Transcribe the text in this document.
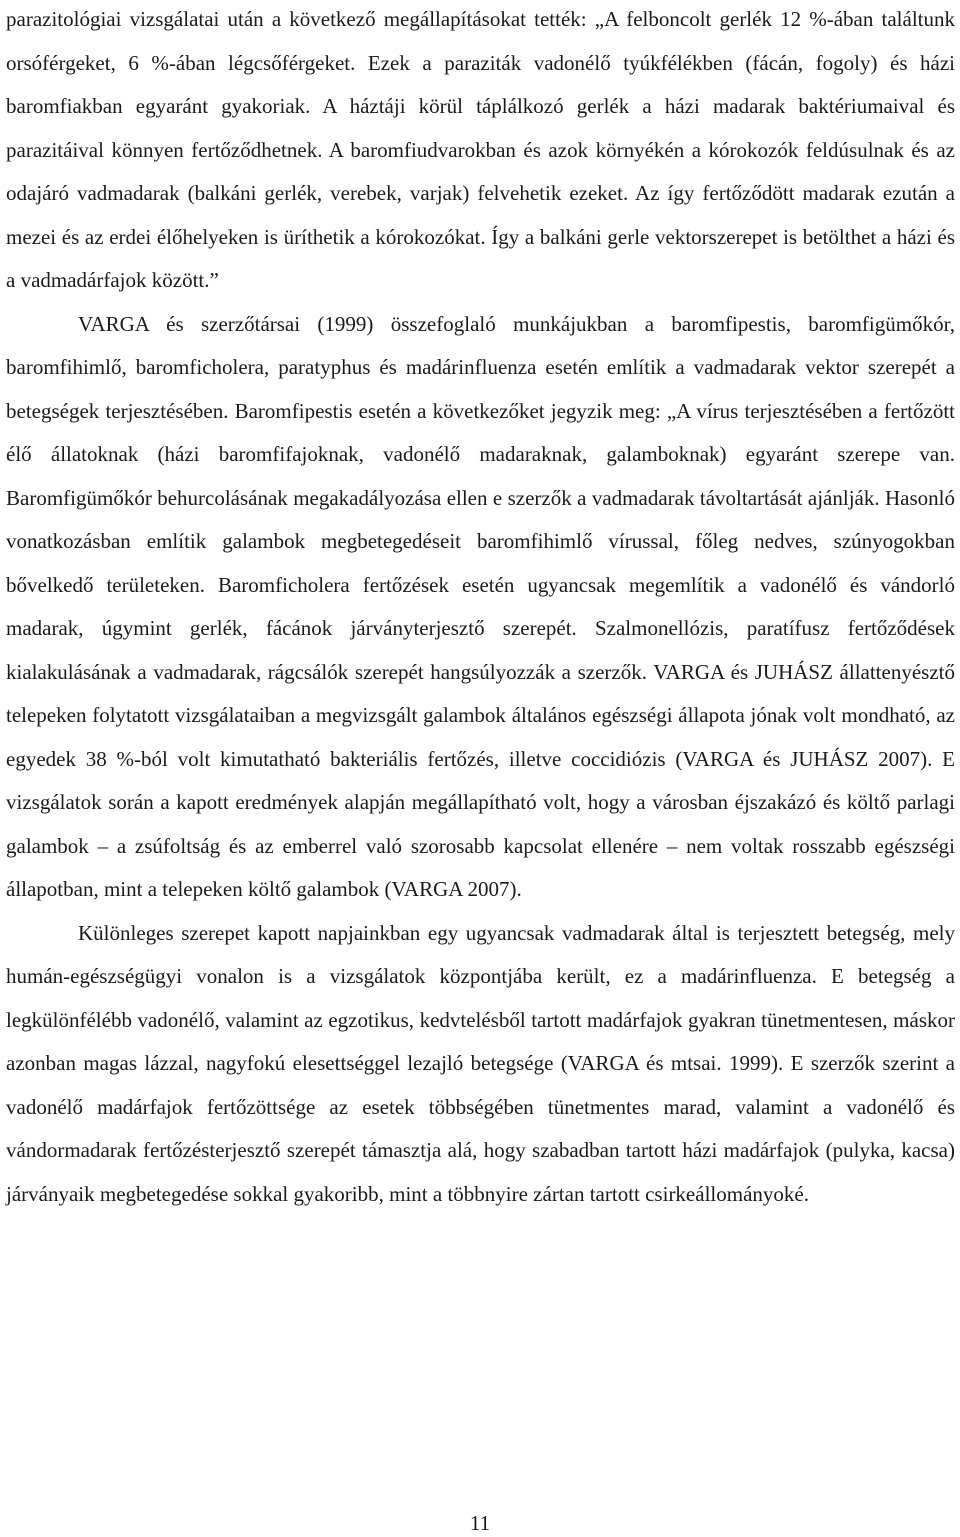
parazitológiai vizsgálatai után a következő megállapításokat tették: „A felboncolt gerlék 12 %-ában találtunk orsóférgeket, 6 %-ában légcsőférgeket. Ezek a paraziták vadonélő tyúkfélékben (fácán, fogoly) és házi baromfiakban egyaránt gyakoriak. A háztáji körül táplálkozó gerlék a házi madarak baktériumaival és parazitáival könnyen fertőződhetnek. A baromfiudvarokban és azok környékén a kórokozók feldúsulnak és az odajáró vadmadarak (balkáni gerlék, verebek, varjak) felvehetik ezeket. Az így fertőződött madarak ezután a mezei és az erdei élőhelyeken is üríthetik a kórokozókat. Így a balkáni gerle vektorszerepet is betölthet a házi és a vadmadárfajok között.”

VARGA és szerzőtársai (1999) összefoglaló munkájukban a baromfipestis, baromfigümőkór, baromfihimlő, baromficholera, paratyphus és madárinfluenza esetén említik a vadmadarak vektor szerepét a betegségek terjesztésében. Baromfipestis esetén a következőket jegyzik meg: „A vírus terjesztésében a fertőzött élő állatoknak (házi baromfifajoknak, vadonélő madaraknak, galamboknak) egyaránt szerepe van. Baromfigümőkór behurcolásának megakadályozása ellen e szerzők a vadmadarak távoltartását ajánlják. Hasonló vonatkozásban említik galambok megbetegedéseit baromfihimlő vírussal, főleg nedves, szúnyogokban bővelkedő területeken. Baromficholera fertőzések esetén ugyancsak megemlítik a vadonélő és vándorló madarak, úgymint gerlék, fácánok járványterjesztő szerepét. Szalmonellózis, paratífusz fertőződések kialakulásának a vadmadarak, rágcsálók szerepét hangsúlyozzák a szerzők. VARGA és JUHÁSZ állattenyésztő telepeken folytatott vizsgálataiban a megvizsgált galambok általános egészségi állapota jónak volt mondható, az egyedek 38 %-ból volt kimutatható bakteriális fertőzés, illetve coccidiózis (VARGA és JUHÁSZ 2007). E vizsgálatok során a kapott eredmények alapján megállapítható volt, hogy a városban éjszakázó és költő parlagi galambok – a zsúfoltság és az emberrel való szorosabb kapcsolat ellenére – nem voltak rosszabb egészségi állapotban, mint a telepeken költő galambok (VARGA 2007).

Különleges szerepet kapott napjainkban egy ugyancsak vadmadarak által is terjesztett betegség, mely humán-egészségügyi vonalon is a vizsgálatok központjába került, ez a madárinfluenza. E betegség a legkülönfélébb vadonélő, valamint az egzotikus, kedvtelésből tartott madárfajok gyakran tünetmentesen, máskor azonban magas lázzal, nagyfokú elesettséggel lezajló betegsége (VARGA és mtsai. 1999). E szerzők szerint a vadonélő madárfajok fertőzöttsége az esetek többségében tünetmentes marad, valamint a vadonélő és vándormadarak fertőzésterjesztő szerepét támasztja alá, hogy szabadban tartott házi madárfajok (pulyka, kacsa) járványaik megbetegedése sokkal gyakoribb, mint a többnyire zártan tartott csirkeállományoké.

11
